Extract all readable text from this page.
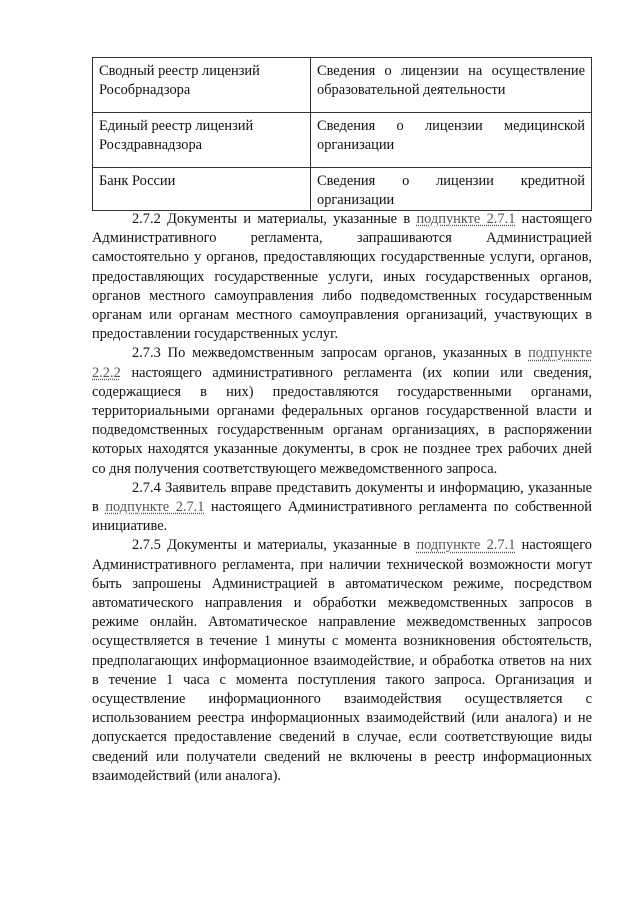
Сводный реестр лицензий Рособрнадзора	Сведения о лицензии на осуществление
образовательной деятельности
Единый реестр лицензий Росздравнадзора	Сведения о лицензии медицинской
организации
Банк России	Сведения о лицензии кредитной
организации

2.7.2 Документы и материалы, указанные в подпункте 2.7.1 настоящего Административного регламента, запрашиваются Администрацией самостоятельно у органов, предоставляющих государственные услуги, органов, предоставляющих государственные услуги, иных государственных органов, органов местного самоуправления либо подведомственных государственным органам или органам местного самоуправления организаций, участвующих в предоставлении государственных услуг.

2.7.3 По межведомственным запросам органов, указанных в подпункте 2.2.2 настоящего административного регламента (их копии или сведения, содержащиеся в них) предоставляются государственными органами, территориальными органами федеральных органов государственной власти и подведомственных государственным органам организациях, в распоряжении которых находятся указанные документы, в срок не позднее трех рабочих дней со дня получения соответствующего межведомственного запроса.

2.7.4 Заявитель вправе представить документы и информацию, указанные в подпункте 2.7.1 настоящего Административного регламента по собственной инициативе.

2.7.5 Документы и материалы, указанные в подпункте 2.7.1 настоящего Административного регламента, при наличии технической возможности могут быть запрошены Администрацией в автоматическом режиме, посредством автоматического направления и обработки межведомственных запросов в режиме онлайн. Автоматическое направление межведомственных запросов осуществляется в течение 1 минуты с момента возникновения обстоятельств, предполагающих информационное взаимодействие, и обработка ответов на них в течение 1 часа с момента поступления такого запроса. Организация и осуществление информационного взаимодействия осуществляется с использованием реестра информационных взаимодействий (или аналога) и не допускается предоставление сведений в случае, если соответствующие виды сведений или получатели сведений не включены в реестр информационных взаимодействий (или аналога).
